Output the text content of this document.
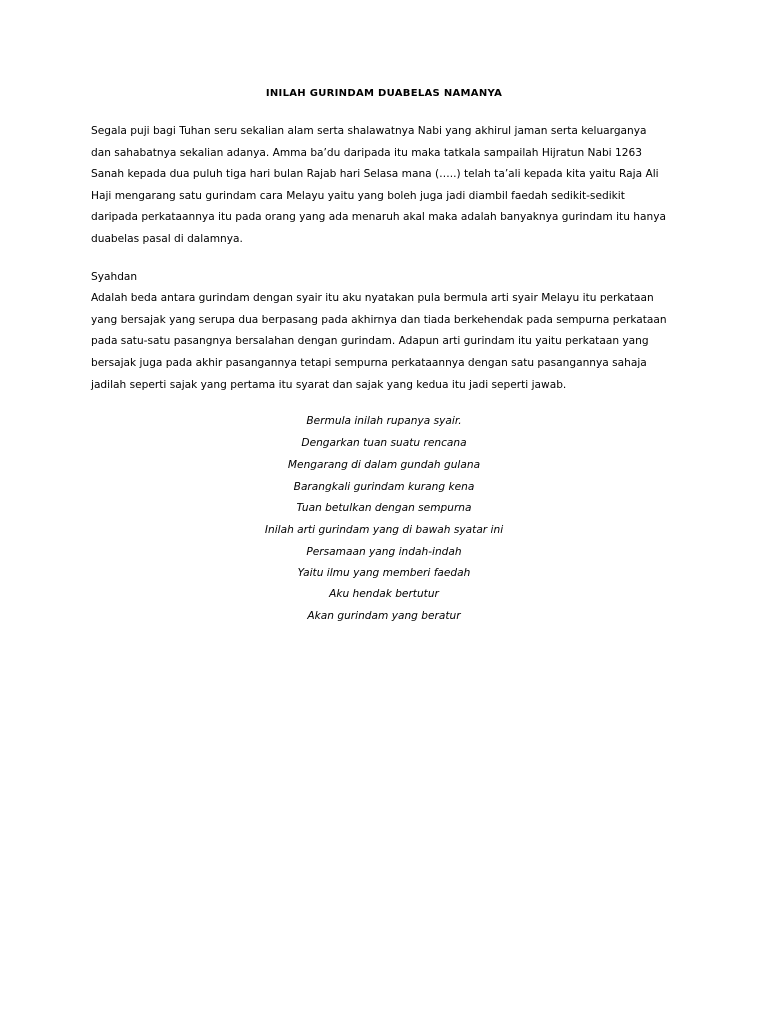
INILAH GURINDAM DUABELAS NAMANYA
Segala puji bagi Tuhan seru sekalian alam serta shalawatnya Nabi yang akhirul jaman serta keluarganya
dan sahabatnya sekalian adanya. Amma ba’du daripada itu maka tatkala sampailah Hijratun Nabi 1263
Sanah kepada dua puluh tiga hari bulan Rajab hari Selasa mana (…..) telah ta’ali kepada kita yaitu Raja Ali
Haji mengarang satu gurindam cara Melayu yaitu yang boleh juga jadi diambil faedah sedikit-sedikit
daripada perkataannya itu pada orang yang ada menaruh akal maka adalah banyaknya gurindam itu hanya
duabelas pasal di dalamnya.
Syahdan
Adalah beda antara gurindam dengan syair itu aku nyatakan pula bermula arti syair Melayu itu perkataan
yang bersajak yang serupa dua berpasang pada akhirnya dan tiada berkehendak pada sempurna perkataan
pada satu-satu pasangnya bersalahan dengan gurindam. Adapun arti gurindam itu yaitu perkataan yang
bersajak juga pada akhir pasangannya tetapi sempurna perkataannya dengan satu pasangannya sahaja
jadilah seperti sajak yang pertama itu syarat dan sajak yang kedua itu jadi seperti jawab.
Bermula inilah rupanya syair.
Dengarkan tuan suatu rencana
Mengarang di dalam gundah gulana
Barangkali gurindam kurang kena
Tuan betulkan dengan sempurna
Inilah arti gurindam yang di bawah syatar ini
Persamaan yang indah-indah
Yaitu ilmu yang memberi faedah
Aku hendak bertutur
Akan gurindam yang beratur
